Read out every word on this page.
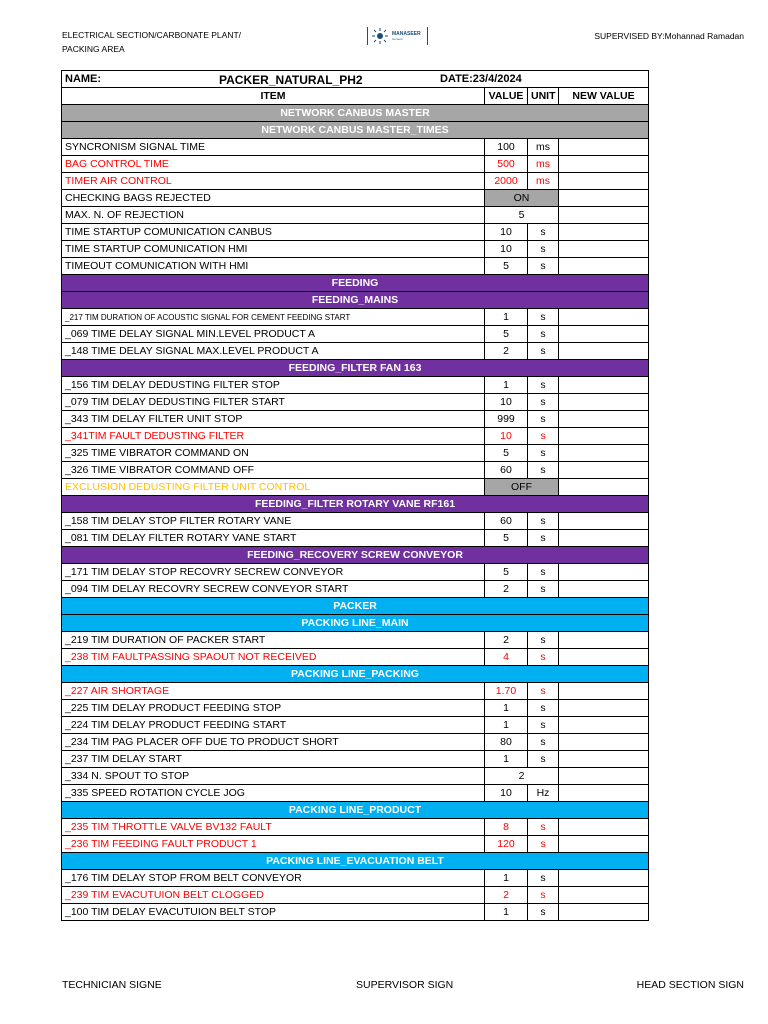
ELECTRICAL SECTION/CARBONATE PLANT/
PACKING AREA
MANASEER
Cement	SUPERVISED BY:Mohannad Ramadan
NAME: PACKER_NATURAL_PH2 DATE:23/4/2024			

ITEM	VALUE	UNIT	NEW VALUE
NETWORK CANBUS MASTER			
NETWORK CANBUS MASTER_TIMES			
SYNCRONISM SIGNAL TIME	100	ms	
BAG CONTROL TIME	500	ms	
TIMER AIR CONTROL	2000	ms	
CHECKING BAGS REJECTED	ON		
MAX. N. OF REJECTION	5		
TIME STARTUP COMUNICATION CANBUS	10	s	
TIME STARTUP COMUNICATION HMI	10	s	
TIMEOUT COMUNICATION WITH HMI	5	s	
FEEDING			
FEEDING_MAINS			
_217 TIM DURATION OF ACOUSTIC SIGNAL FOR CEMENT FEEDING START	1	s	
_069 TIME DELAY SIGNAL MIN.LEVEL PRODUCT A	5	s	
_148 TIME DELAY SIGNAL MAX.LEVEL PRODUCT A	2	s	
FEEDING_FILTER FAN 163			
_156 TIM DELAY DEDUSTING FILTER STOP	1	s	
_079 TIM DELAY DEDUSTING FILTER START	10	s	
_343 TIM DELAY FILTER UNIT STOP	999	s	
_341TIM FAULT DEDUSTING FILTER	10	s	
_325 TIME VIBRATOR COMMAND ON	5	s	
_326 TIME VIBRATOR COMMAND OFF	60	s	
EXCLUSION DEDUSTING FILTER UNIT CONTROL	OFF		
FEEDING_FILTER ROTARY VANE RF161			
_158 TIM DELAY STOP FILTER ROTARY VANE	60	s	
_081 TIM DELAY FILTER ROTARY VANE START	5	s	
FEEDING_RECOVERY SCREW CONVEYOR			
_171 TIM DELAY STOP RECOVRY SECREW CONVEYOR	5	s	
_094 TIM DELAY RECOVRY SECREW CONVEYOR START	2	s	
PACKER			
PACKING LINE_MAIN			
_219 TIM DURATION OF PACKER START	2	s	
_238 TIM FAULTPASSING SPAOUT NOT RECEIVED	4	s	
PACKING LINE_PACKING			
_227 AIR SHORTAGE	1.70	s	
_225 TIM DELAY PRODUCT FEEDING STOP	1	s	
_224 TIM DELAY PRODUCT FEEDING START	1	s	
_234 TIM PAG PLACER OFF DUE TO PRODUCT SHORT	80	s	
_237 TIM DELAY START	1	s	
_334 N. SPOUT TO STOP	2		
_335 SPEED ROTATION CYCLE JOG	10	Hz	
PACKING LINE_PRODUCT			
_235 TIM THROTTLE VALVE BV132 FAULT	8	s	
_236 TIM FEEDING FAULT PRODUCT 1	120	s	
PACKING LINE_EVACUATION BELT			
_176 TIM DELAY STOP FROM BELT CONVEYOR	1	s	
_239 TIM EVACUTUION BELT CLOGGED	2	s	
_100 TIM DELAY EVACUTUION BELT STOP	1	s	
TECHNICIAN SIGNE	SUPERVISOR SIGN	HEAD SECTION SIGN
